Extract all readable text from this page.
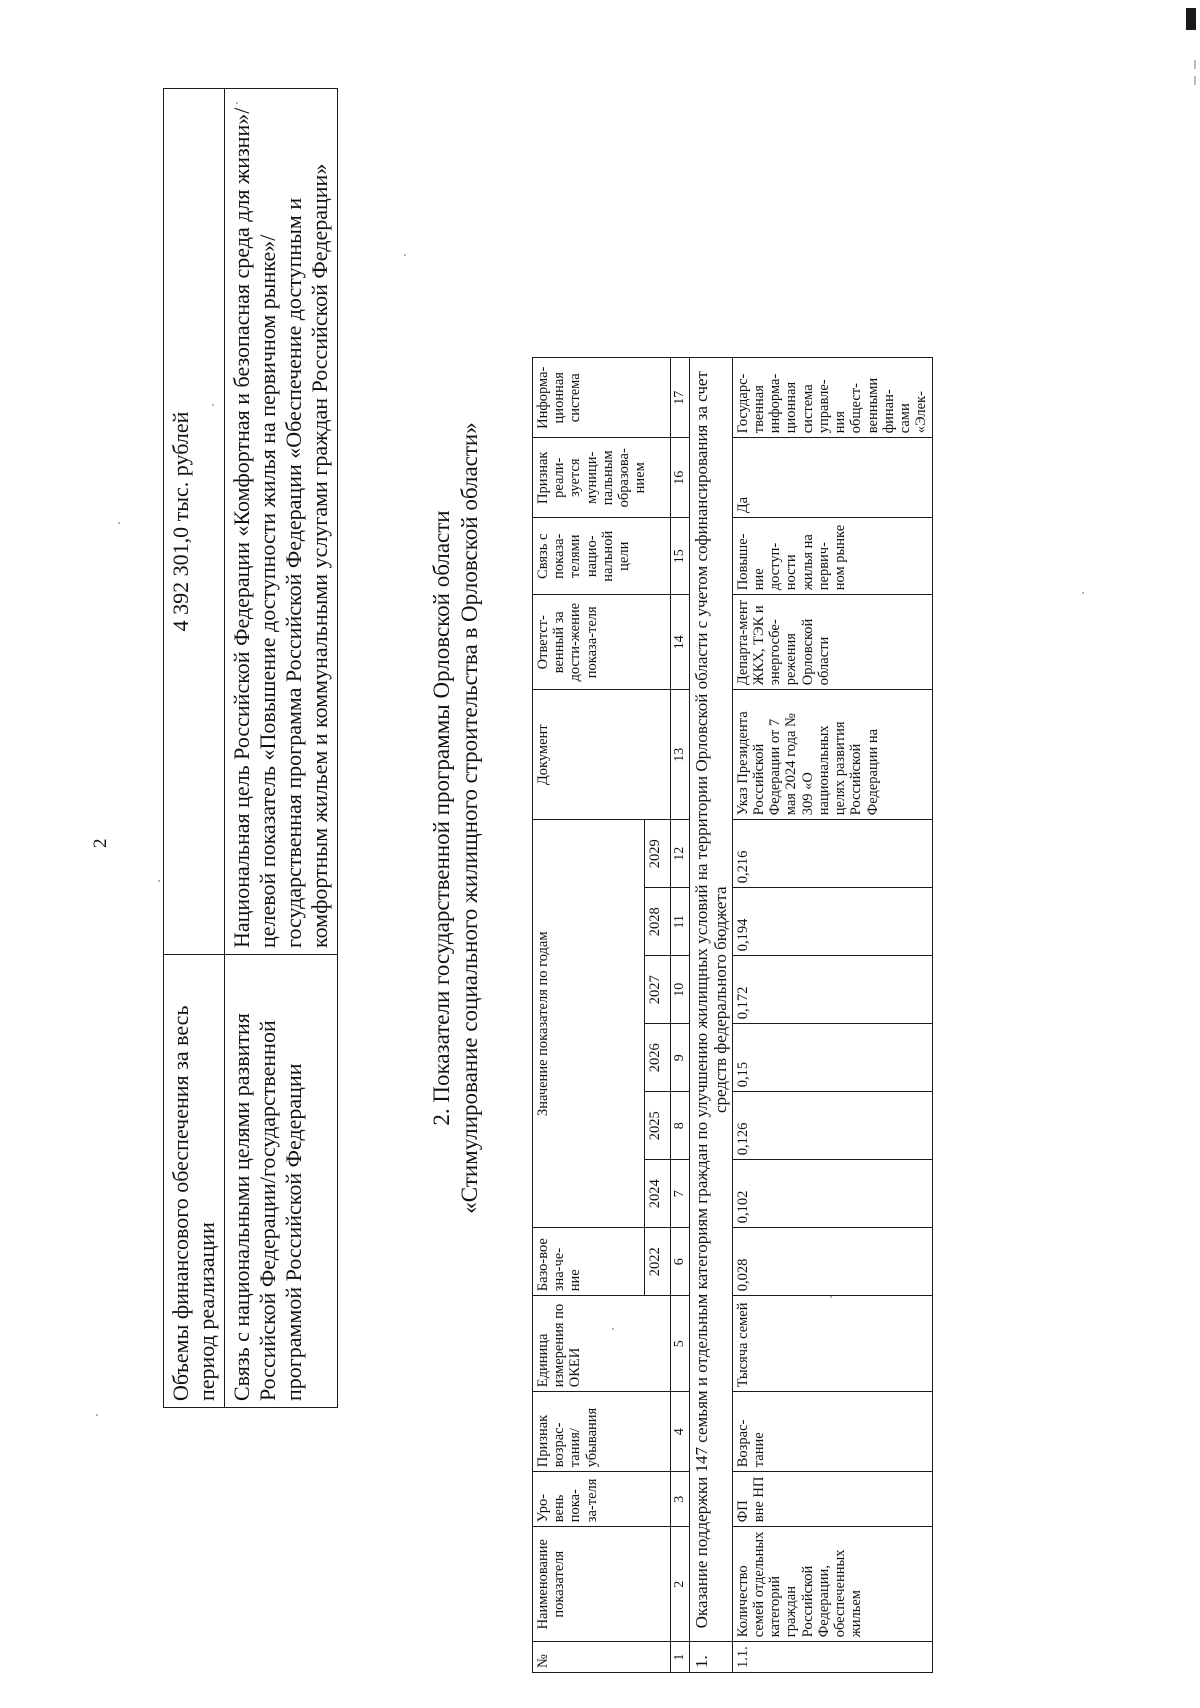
2
Объемы финансового обеспечения за весь период реализации	4 392 301,0 тыс. рублей
Связь с национальными целями развития Российской Федерации/государственной программой Российской Федерации	Национальная цель Российской Федерации «Комфортная и безопасная среда для жизни»/ целевой показатель «Повышение доступности жилья на первичном рынке»/ государственная программа Российской Федерации «Обеспечение доступным и комфортным жильем и коммунальными услугами граждан Российской Федерации»	2. Показатели государственной программы Орловской области «Стимулирование социального жилищного строительства в Орловской области»
№	Наименование показателя	Уро-вень пока-за-теля	Признак возрас-тания/ убывания	Единица измерения по ОКЕИ	Базо-вое зна-че-ние	Значение показателя по годам						Документ	Ответст-венный за дости-жение показа-теля	Связь с показа-телями нацио-нальной цели	Признак реали-зуется муници-пальным образова-нием	Информа-ционная система
					2022	2024	2025	2026	2027	2028	2029					
1	2	3	4	5	6	7	8	9	10	11	12	13	14	15	16	17
1.	Оказание поддержки 147 семьям и отдельным категориям граждан по улучшению жилищных условий на территории Орловской области с учетом софинансирования за счет средств федерального бюджета															
1.1.	Количество семей отдельных категорий граждан Российской Федерации, обеспеченных жильем	ФП вне НП	Возрас-тание	Тысяча семей	0,028	0,102	0,126	0,15	0,172	0,194	0,216	Указ Президента Российской Федерации от 7 мая 2024 года № 309 «О национальных целях развития Российской Федерации на	Департа-мент ЖКХ, ТЭК и энергосбе-режения Орловской области	Повыше-ние доступ-ности жилья на первич-ном рынке	Да	Государс-твенная информа-ционная система управле-ния общест-венными финан-сами «Элек-
